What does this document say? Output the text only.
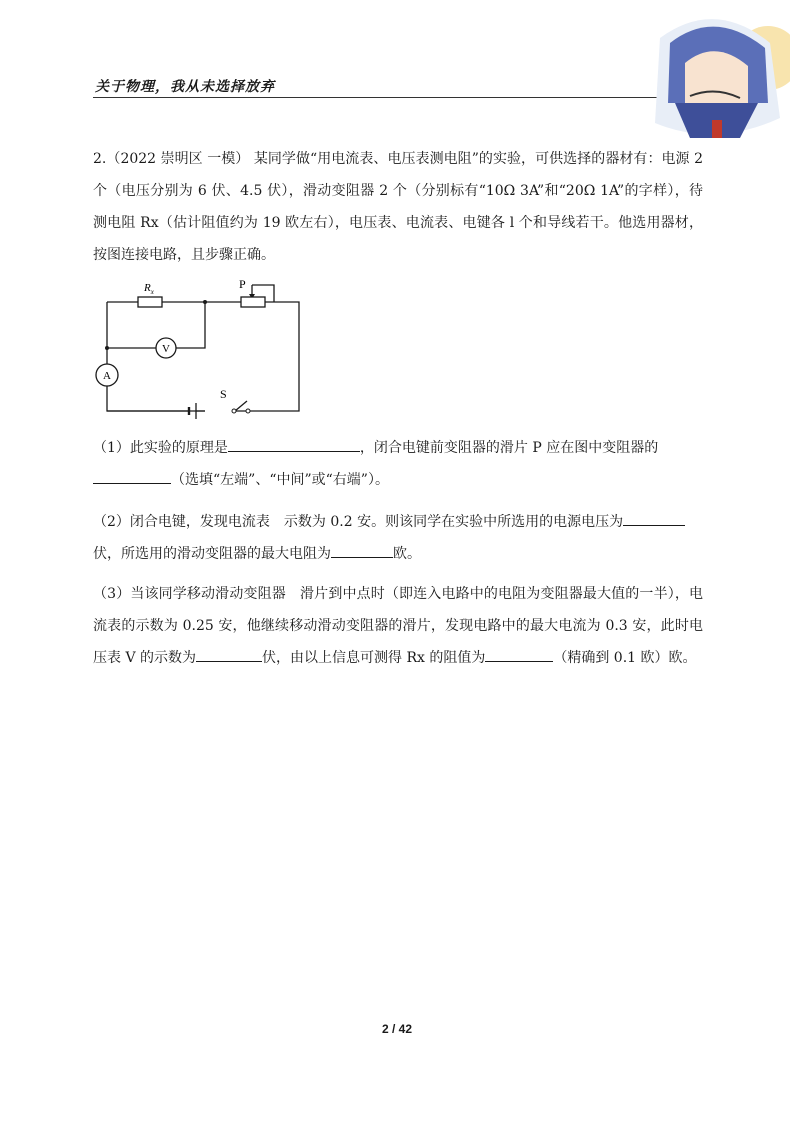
关于物理，我从未选择放弃

2.（2022 崇明区 一模） 某同学做“用电流表、电压表测电阻”的实验，可供选择的器材有：电源 2 个（电压分别为 6 伏、4.5 伏），滑动变阻器 2 个（分别标有“10Ω 3A”和“20Ω 1A”的字样），待测电阻 Rx（估计阻值约为 19 欧左右），电压表、电流表、电键各 l 个和导线若干。他选用器材，按图连接电路，且步骤正确。

$R_x$
P
V
A
S

（1）此实验的原理是	，闭合电键前变阻器的滑片 P 应在图中变阻器的
（选填“左端”、“中间”或“右端”）。

（2）闭合电键，发现电流表　示数为 0.2 安。则该同学在实验中所选用的电源电压为
伏，所选用的滑动变阻器的最大电阻为	欧。

（3）当该同学移动滑动变阻器　滑片到中点时（即连入电路中的电阻为变阻器最大值的一半），电流表的示数为 0.25 安，他继续移动滑动变阻器的滑片，发现电路中的最大电流为 0.3 安，此时电压表 V 的示数为	伏，由以上信息可测得 Rx 的阻值为	（精确到 0.1 欧）欧。

2 / 42
